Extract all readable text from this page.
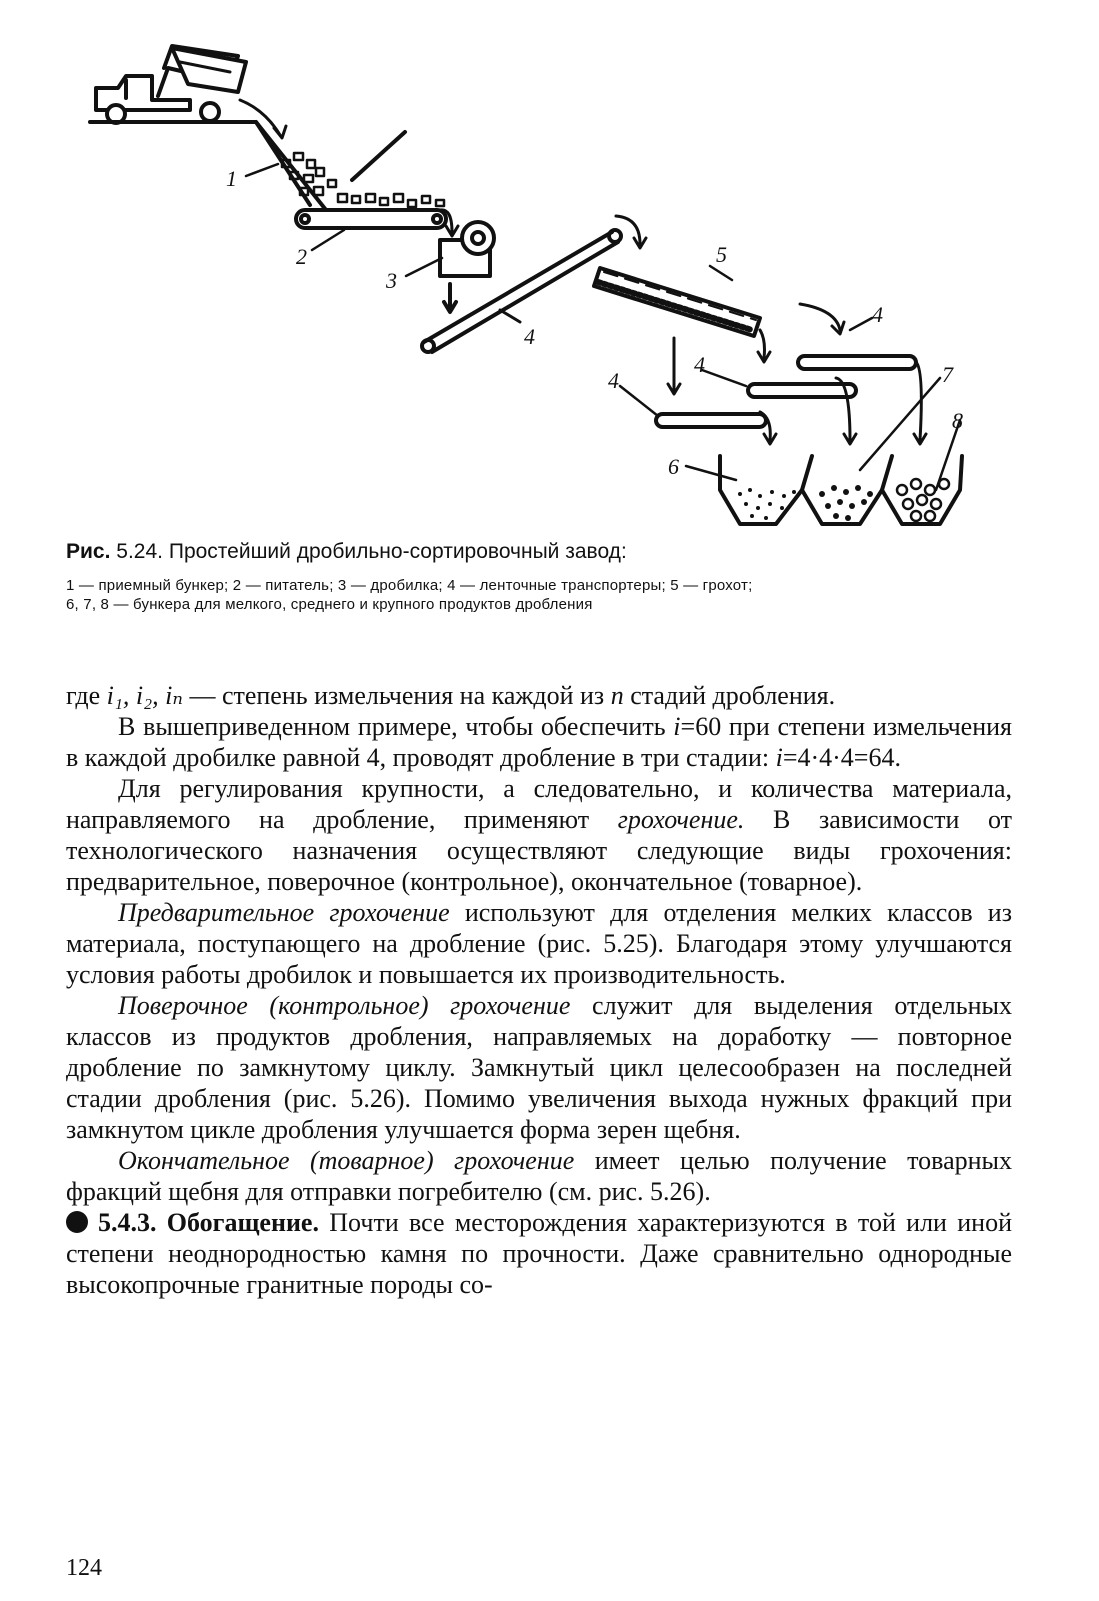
1
2
3
4
5
4
4
4
6
7
8

Рис. 5.24. Простейший дробильно-сортировочный завод:

1 — приемный бункер; 2 — питатель; 3 — дробилка; 4 — ленточные транспортеры; 5 — грохот;

6, 7, 8 — бункера для мелкого, среднего и крупного продуктов дробления

где i₁, i₂, iₙ — степень измельчения на каждой из n стадий дробления.

В вышеприведенном примере, чтобы обеспечить i=60 при степени измельчения в каждой дробилке равной 4, проводят дробление в три стадии: i=4·4·4=64.

Для регулирования крупности, а следовательно, и количества материала, направляемого на дробление, применяют грохочение. В зависимости от технологического назначения осуществляют следующие виды грохочения: предварительное, поверочное (контрольное), окончательное (товарное).

Предварительное грохочение используют для отделения мелких классов из материала, поступающего на дробление (рис. 5.25). Благодаря этому улучшаются условия работы дробилок и повышается их производительность.

Поверочное (контрольное) грохочение служит для выделения отдельных классов из продуктов дробления, направляемых на доработку — повторное дробление по замкнутому циклу. Замкнутый цикл целесообразен на последней стадии дробления (рис. 5.26). Помимо увеличения выхода нужных фракций при замкнутом цикле дробления улучшается форма зерен щебня.

Окончательное (товарное) грохочение имеет целью получение товарных фракций щебня для отправки погребителю (см. рис. 5.26).

5.4.3. Обогащение. Почти все месторождения характеризуются в той или иной степени неоднородностью камня по прочности. Даже сравнительно однородные высокопрочные гранитные породы со-

124
